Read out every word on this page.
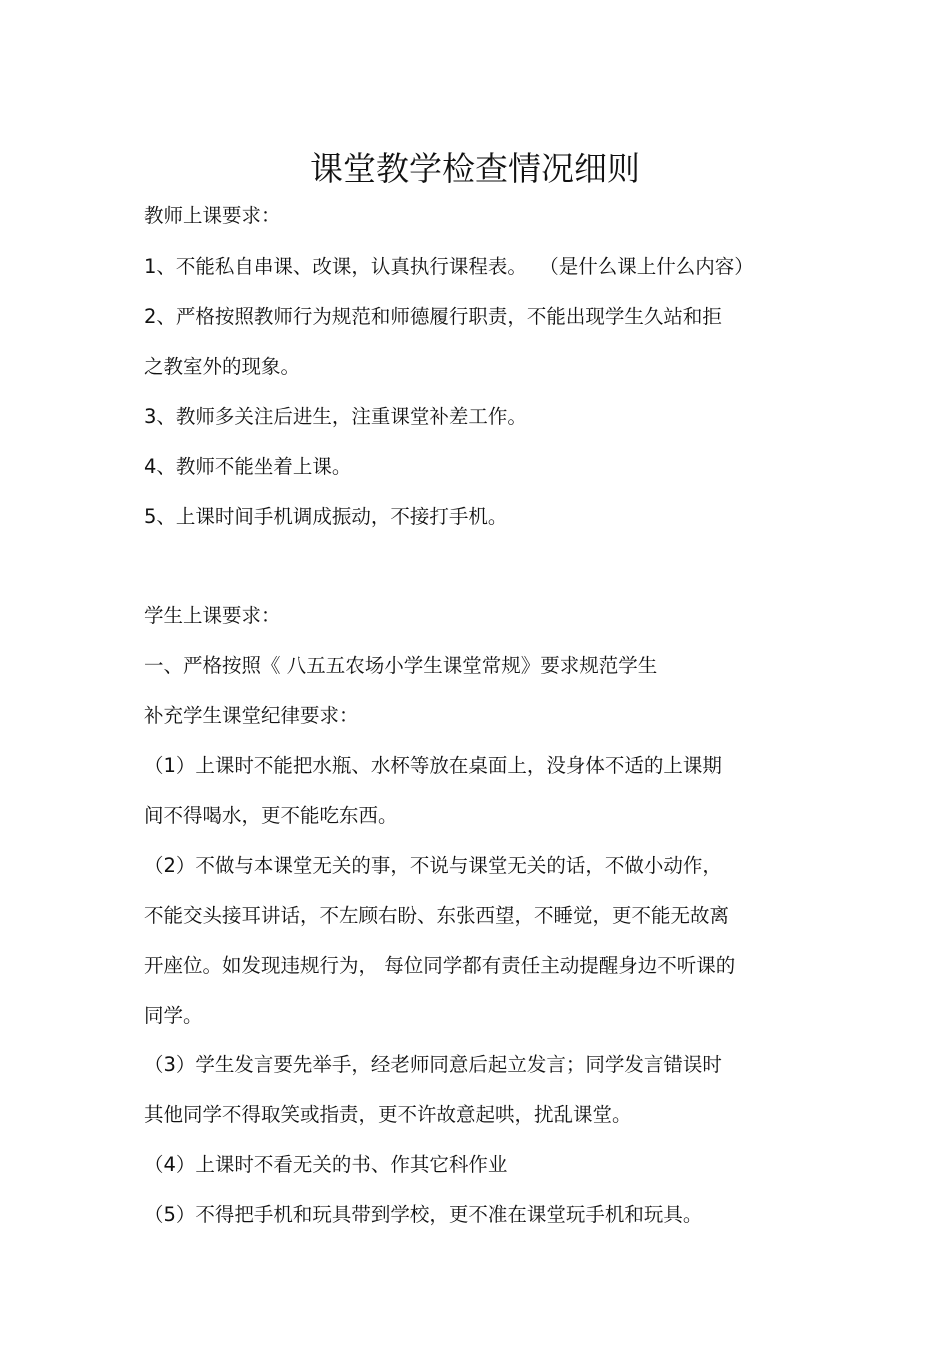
课堂教学检查情况细则

教师上课要求：

1、不能私自串课、改课，认真执行课程表。  （是什么课上什么内容）

2、严格按照教师行为规范和师德履行职责，不能出现学生久站和拒

之教室外的现象。

3、教师多关注后进生，注重课堂补差工作。

4、教师不能坐着上课。

5、上课时间手机调成振动，不接打手机。

学生上课要求：

一、严格按照《 八五五农场小学生课堂常规》要求规范学生

补充学生课堂纪律要求：

（1）上课时不能把水瓶、水杯等放在桌面上，没身体不适的上课期

间不得喝水，更不能吃东西。

（2）不做与本课堂无关的事，不说与课堂无关的话，不做小动作，

不能交头接耳讲话，不左顾右盼、东张西望，不睡觉，更不能无故离

开座位。如发现违规行为， 每位同学都有责任主动提醒身边不听课的

同学。

（3）学生发言要先举手，经老师同意后起立发言；同学发言错误时

其他同学不得取笑或指责，更不许故意起哄，扰乱课堂。

（4）上课时不看无关的书、作其它科作业

（5）不得把手机和玩具带到学校，更不准在课堂玩手机和玩具。
